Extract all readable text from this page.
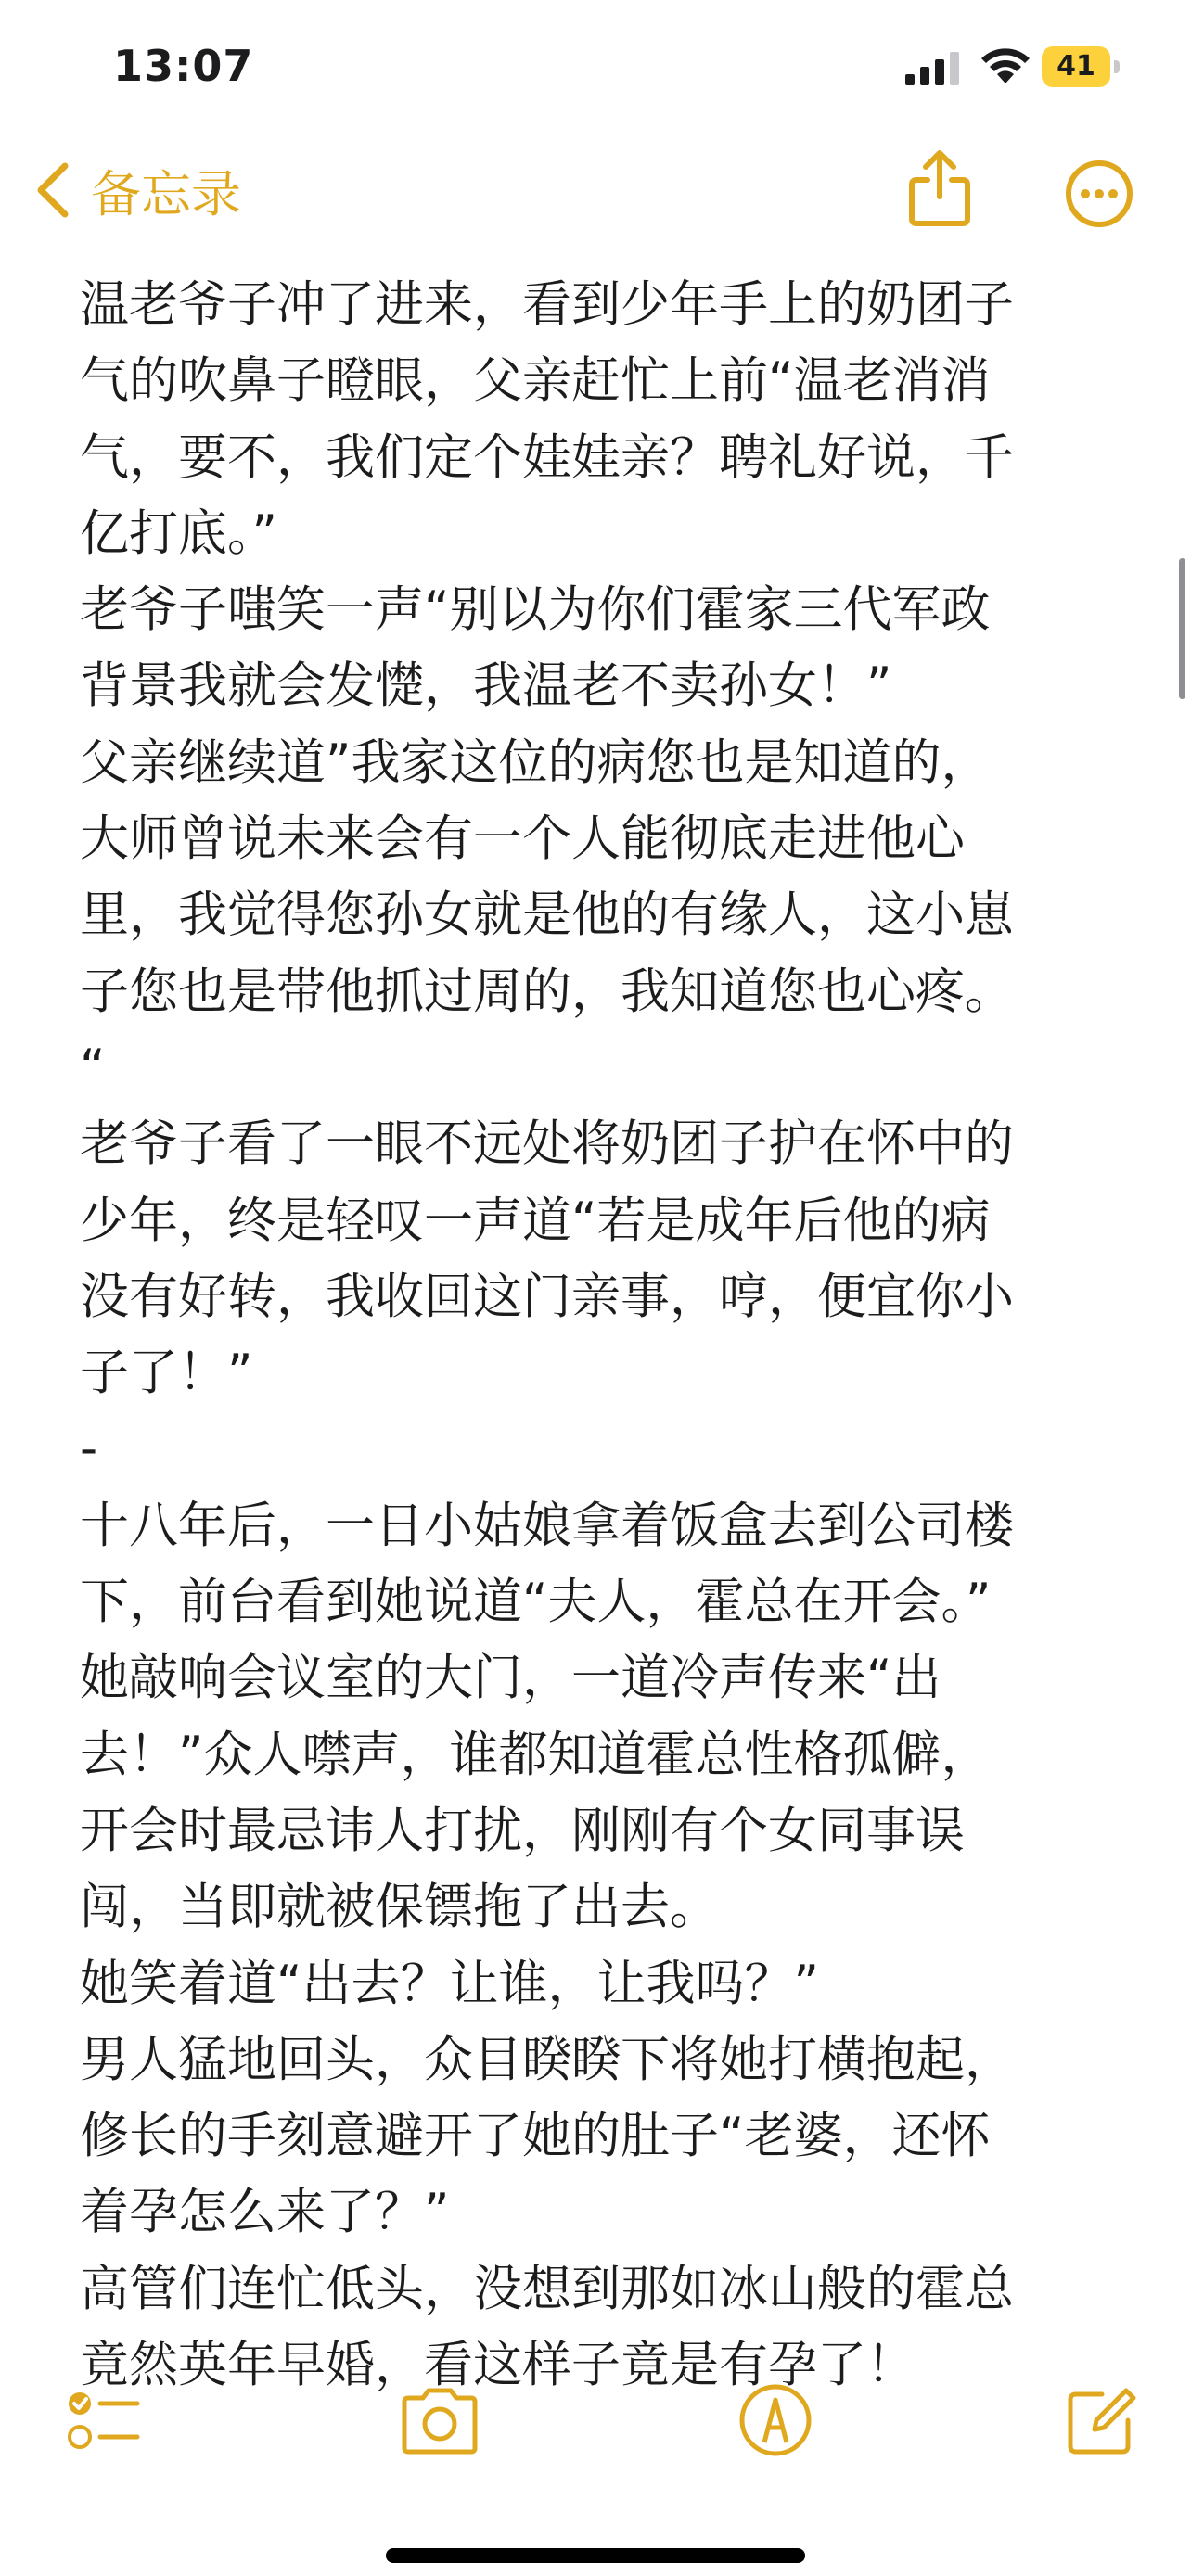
13:07	41
备忘录
温老爷子冲了进来，看到少年手上的奶团子
气的吹鼻子瞪眼，父亲赶忙上前“温老消消
气，要不，我们定个娃娃亲？聘礼好说，千
亿打底。”
老爷子嗤笑一声“别以为你们霍家三代军政
背景我就会发憷，我温老不卖孙女！”
父亲继续道”我家这位的病您也是知道的，
大师曾说未来会有一个人能彻底走进他心
里，我觉得您孙女就是他的有缘人，这小崽
子您也是带他抓过周的，我知道您也心疼。
“
老爷子看了一眼不远处将奶团子护在怀中的
少年，终是轻叹一声道“若是成年后他的病
没有好转，我收回这门亲事，哼，便宜你小
子了！”
-
十八年后，一日小姑娘拿着饭盒去到公司楼
下，前台看到她说道“夫人，霍总在开会。”
她敲响会议室的大门，一道冷声传来“出
去！”众人噤声，谁都知道霍总性格孤僻，
开会时最忌讳人打扰，刚刚有个女同事误
闯，当即就被保镖拖了出去。
她笑着道“出去？让谁，让我吗？”
男人猛地回头，众目睽睽下将她打横抱起，
修长的手刻意避开了她的肚子“老婆，还怀
着孕怎么来了？”
高管们连忙低头，没想到那如冰山般的霍总
竟然英年早婚，看这样子竟是有孕了！
